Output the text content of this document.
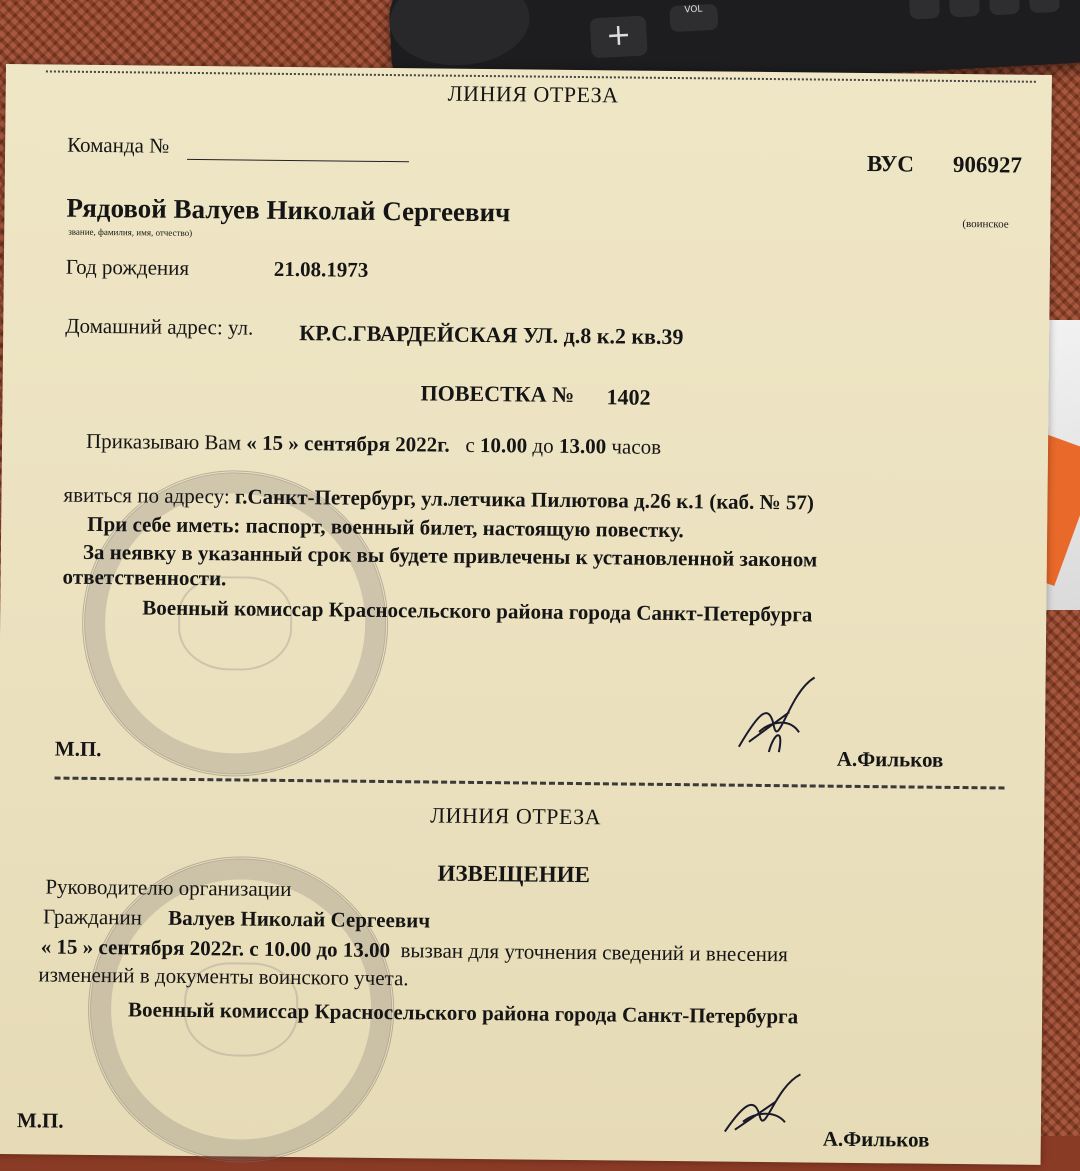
VOL
+
ЛИНИЯ ОТРЕЗА
Команда №
ВУС 906927
Рядовой Валуев Николай Сергеевич
звание, фамилия, имя, отчество)
(воинское
Год рождения	21.08.1973
Домашний адрес: ул. КР.С.ГВАРДЕЙСКАЯ УЛ. д.8 к.2 кв.39
ПОВЕСТКА № 1402
Приказываю Вам « 15 » сентября 2022г. с 10.00 до 13.00 часов
явиться по адресу: г.Санкт-Петербург, ул.летчика Пилютова д.26 к.1 (каб. № 57)
При себе иметь: паспорт, военный билет, настоящую повестку.
За неявку в указанный срок вы будете привлечены к установленной законом
ответственности.
Военный комиссар Красносельского района города Санкт-Петербурга
М.П.	А.Фильков
ЛИНИЯ ОТРЕЗА
ИЗВЕЩЕНИЕ
Руководителю организации
Гражданин Валуев Николай Сергеевич
« 15 » сентября 2022г. с 10.00 до 13.00 вызван для уточнения сведений и внесения
изменений в документы воинского учета.
Военный комиссар Красносельского района города Санкт-Петербурга
М.П.
А.Фильков
